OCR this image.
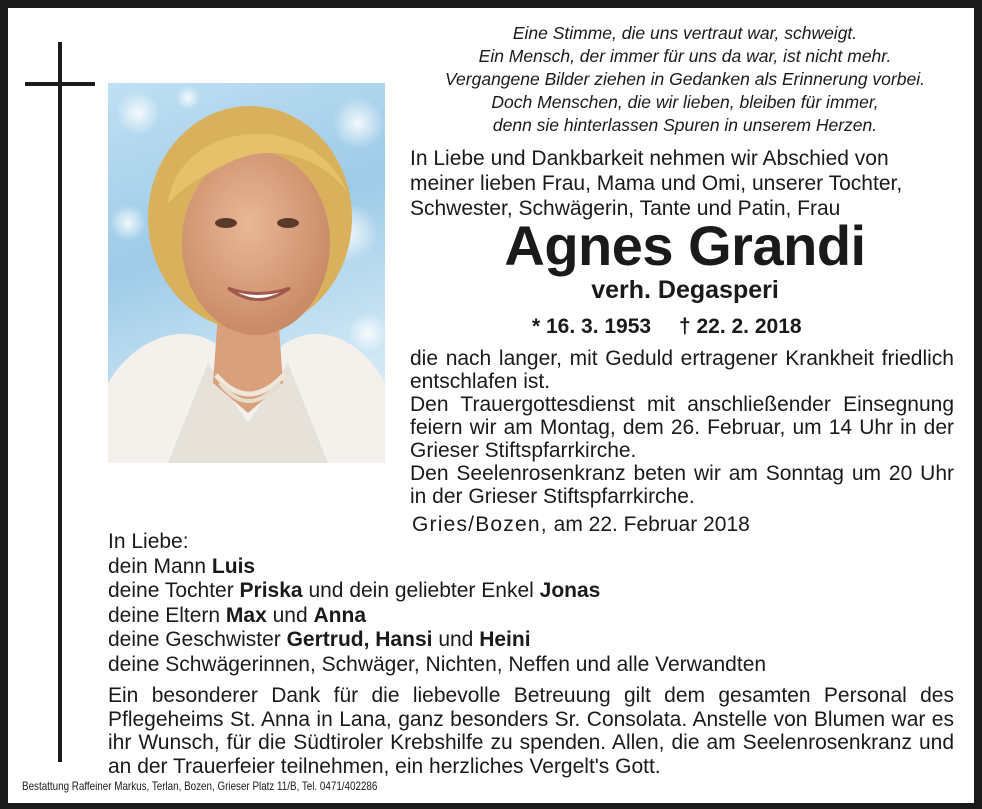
Eine Stimme, die uns vertraut war, schweigt.
Ein Mensch, der immer für uns da war, ist nicht mehr.
Vergangene Bilder ziehen in Gedanken als Erinnerung vorbei.
Doch Menschen, die wir lieben, bleiben für immer,
denn sie hinterlassen Spuren in unserem Herzen.
In Liebe und Dankbarkeit nehmen wir Abschied von
meiner lieben Frau, Mama und Omi, unserer Tochter,
Schwester, Schwägerin, Tante und Patin, Frau
Agnes Grandi
verh. Degasperi
* 16. 3. 1953 † 22. 2. 2018

die nach langer, mit Geduld ertragener Krankheit friedlich entschlafen ist.

Den Trauergottesdienst mit anschließender Einsegnung feiern wir am Montag, dem 26. Februar, um 14 Uhr in der Grieser Stiftspfarrkirche.

Den Seelenrosenkranz beten wir am Sonntag um 20 Uhr in der Grieser Stiftspfarrkirche.

Gries/Bozen, am 22. Februar 2018
In Liebe:
dein Mann Luis
deine Tochter Priska und dein geliebter Enkel Jonas
deine Eltern Max und Anna
deine Geschwister Gertrud, Hansi und Heini
deine Schwägerinnen, Schwäger, Nichten, Neffen und alle Verwandten
Ein besonderer Dank für die liebevolle Betreuung gilt dem gesamten Personal des Pflegeheims St. Anna in Lana, ganz besonders Sr. Consolata. Anstelle von Blumen war es ihr Wunsch, für die Südtiroler Krebshilfe zu spenden. Allen, die am Seelenrosenkranz und an der Trauerfeier teilnehmen, ein herzliches Vergelt's Gott.
Bestattung Raffeiner Markus, Terlan, Bozen, Grieser Platz 11/B, Tel. 0471/402286
